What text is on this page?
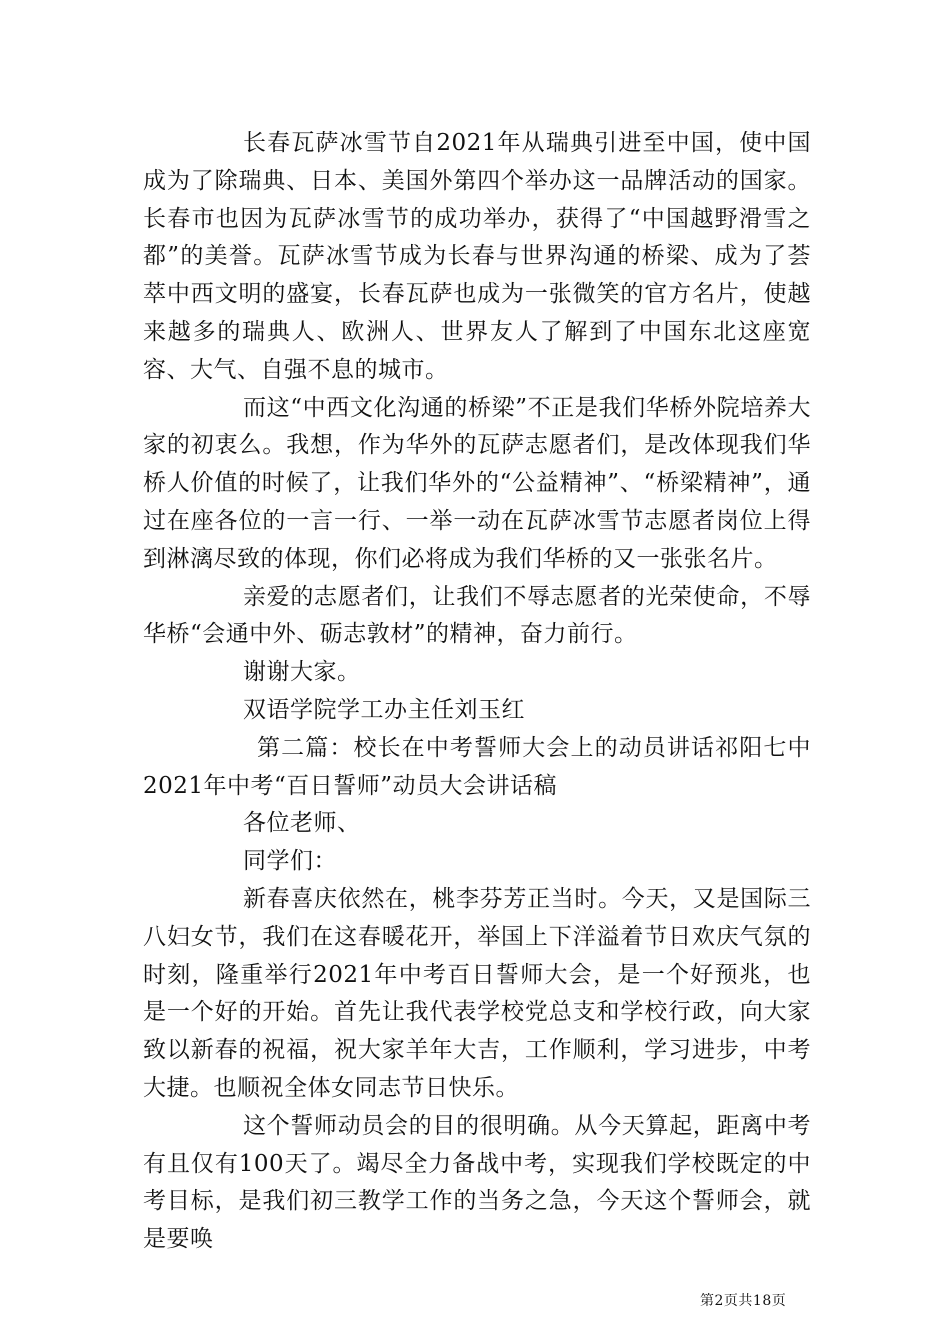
长春瓦萨冰雪节自2021年从瑞典引进至中国，使中国成为了除瑞典、日本、美国外第四个举办这一品牌活动的国家。长春市也因为瓦萨冰雪节的成功举办，获得了“中国越野滑雪之都”的美誉。瓦萨冰雪节成为长春与世界沟通的桥梁、成为了荟萃中西文明的盛宴，长春瓦萨也成为一张微笑的官方名片，使越来越多的瑞典人、欧洲人、世界友人了解到了中国东北这座宽容、大气、自强不息的城市。

而这“中西文化沟通的桥梁”不正是我们华桥外院培养大家的初衷么。我想，作为华外的瓦萨志愿者们，是改体现我们华桥人价值的时候了，让我们华外的“公益精神”、“桥梁精神”，通过在座各位的一言一行、一举一动在瓦萨冰雪节志愿者岗位上得到淋漓尽致的体现，你们必将成为我们华桥的又一张张名片。

亲爱的志愿者们，让我们不辱志愿者的光荣使命，不辱华桥“会通中外、砺志敦材”的精神，奋力前行。

谢谢大家。

双语学院学工办主任刘玉红

第二篇：校长在中考誓师大会上的动员讲话祁阳七中2021年中考“百日誓师”动员大会讲话稿

各位老师、

同学们：

新春喜庆依然在，桃李芬芳正当时。今天，又是国际三八妇女节，我们在这春暖花开，举国上下洋溢着节日欢庆气氛的时刻，隆重举行2021年中考百日誓师大会，是一个好预兆，也是一个好的开始。首先让我代表学校党总支和学校行政，向大家致以新春的祝福，祝大家羊年大吉，工作顺利，学习进步，中考大捷。也顺祝全体女同志节日快乐。

这个誓师动员会的目的很明确。从今天算起，距离中考有且仅有100天了。竭尽全力备战中考，实现我们学校既定的中考目标，是我们初三教学工作的当务之急，今天这个誓师会，就是要唤

第2页共18页
